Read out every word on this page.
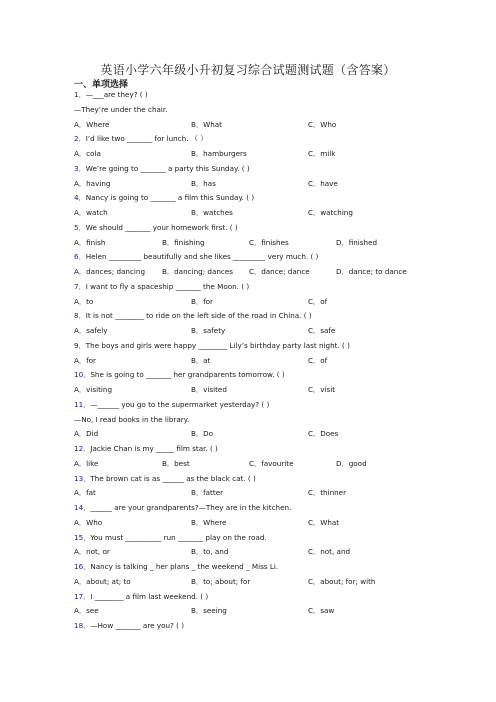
英语小学六年级小升初复习综合试题测试题（含答案）
一、单项选择
1．—___are they? ( )
—They’re under the chair.
A．Where	B．What	C．Who
2．I’d like two _______ for lunch. （ ）
A．cola	B．hamburgers	C．milk
3．We’re going to _______ a party this Sunday. ( )
A．having	B．has	C．have
4．Nancy is going to _______ a film this Sunday. ( )
A．watch	B．watches	C．watching
5．We should _______ your homework first. ( )
A．finish	B．finishing	C．finishes	D．finished
6．Helen _________ beautifully and she likes _________ very much. ( )
A．dances; dancing B．dancing; dances C．dance; dance	D．dance; to dance
7．I want to fly a spaceship _______ the Moon. ( )
A．to	B．for	C．of
8．It is not ________ to ride on the left side of the road in China. ( )
A．safely	B．safety	C．safe
9．The boys and girls were happy ________ Lily’s birthday party last night. ( )
A．for	B．at	C．of
10．She is going to _______ her grandparents tomorrow. ( )
A．visiting	B．visited	C．visit
11．—______ you go to the supermarket yesterday? ( )
—No, I read books in the library.
A．Did	B．Do	C．Does
12．Jackie Chan is my _____ film star. ( )
A．like	B．best	C．favourite	D．good
13．The brown cat is as ______ as the black cat. ( )
A．fat	B．fatter	C．thinner
14．______ are your grandparents?—They are in the kitchen.
A．Who	B．Where	C．What
15．You must __________ run _______ play on the road.
A．not, or	B．to, and	C．not, and
16．Nancy is talking _ her plans _ the weekend _ Miss Li.
A．about; at; to	B．to; about; for	C．about; for; with
17．I ________ a film last weekend. ( )
A．see	B．seeing	C．saw
18．—How _______ are you? ( )
